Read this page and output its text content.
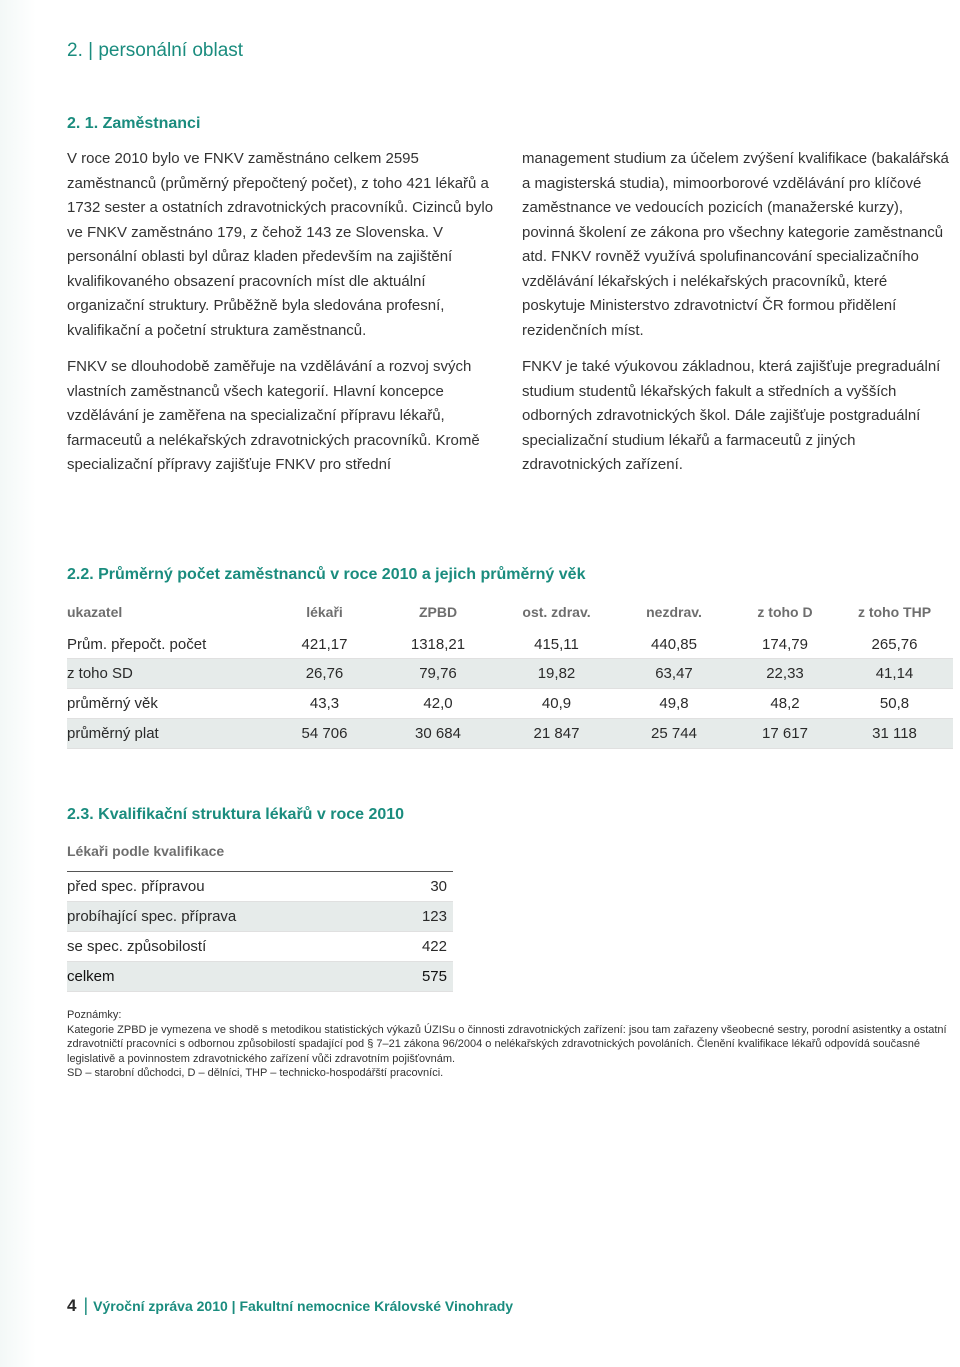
2. | personální oblast
2. 1. Zaměstnanci

V roce 2010 bylo ve FNKV zaměstnáno celkem 2595 zaměstnanců (průměrný přepočtený počet), z toho 421 lékařů a 1732 sester a ostatních zdravotnických pracovníků. Cizinců bylo ve FNKV zaměstnáno 179, z čehož 143 ze Slovenska. V personální oblasti byl důraz kladen především na zajištění kvalifikovaného obsazení pracovních míst dle aktuální organizační struktury. Průběžně byla sledována profesní, kvalifikační a početní struktura zaměstnanců.

FNKV se dlouhodobě zaměřuje na vzdělávání a rozvoj svých vlastních zaměstnanců všech kategorií. Hlavní koncepce vzdělávání je zaměřena na specializační přípravu lékařů, farmaceutů a nelékařských zdravotnických pracovníků. Kromě specializační přípravy zajišťuje FNKV pro střední

management studium za účelem zvýšení kvalifikace (bakalářská a magisterská studia), mimoorborové vzdělávání pro klíčové zaměstnance ve vedoucích pozicích (manažerské kurzy), povinná školení ze zákona pro všechny kategorie zaměstnanců atd. FNKV rovněž využívá spolufinancování specializačního vzdělávání lékařských i nelékařských pracovníků, které poskytuje Ministerstvo zdravotnictví ČR formou přidělení rezidenčních míst.

FNKV je také výukovou základnou, která zajišťuje pregraduální studium studentů lékařských fakult a středních a vyšších odborných zdravotnických škol. Dále zajišťuje postgraduální specializační studium lékařů a farmaceutů z jiných zdravotnických zařízení.

2.2. Průměrný počet zaměstnanců v roce 2010 a jejich průměrný věk
ukazatel	lékaři	ZPBD	ost. zdrav.	nezdrav.	z toho D	z toho THP
Prům. přepočt. počet	421,17	1318,21	415,11	440,85	174,79	265,76
z toho SD	26,76	79,76	19,82	63,47	22,33	41,14
průměrný věk	43,3	42,0	40,9	49,8	48,2	50,8
průměrný plat	54 706	30 684	21 847	25 744	17 617	31 118
2.3. Kvalifikační struktura lékařů v roce 2010
Lékaři podle kvalifikace
před spec. přípravou	30
probíhající spec. příprava	123
se spec. způsobilostí	422
celkem	575
Poznámky:
Kategorie ZPBD je vymezena ve shodě s metodikou statistických výkazů ÚZISu o činnosti zdravotnických zařízení: jsou tam zařazeny všeobecné sestry, porodní asistentky a ostatní zdravotničtí pracovníci s odbornou způsobilostí spadající pod § 7–21 zákona 96/2004 o nelékařských zdravotnických povoláních. Členění kvalifikace lékařů odpovídá současné legislativě a povinnostem zdravotnického zařízení vůči zdravotním pojišťovnám.
SD – starobní důchodci, D – dělníci, THP – technicko-hospodářští pracovníci.
4 | Výroční zpráva 2010 | Fakultní nemocnice Královské Vinohrady
